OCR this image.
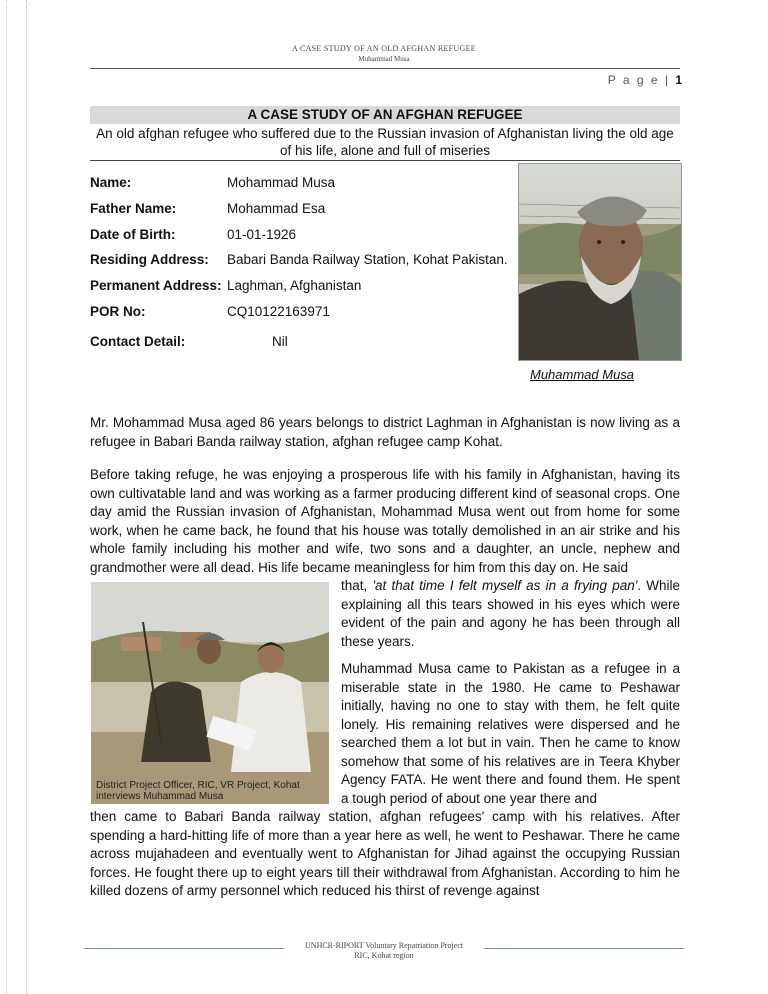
A CASE STUDY OF AN OLD AFGHAN REFUGEE
Muhammad Musa
P a g e | 1
A CASE STUDY OF AN AFGHAN REFUGEE
An old afghan refugee who suffered due to the Russian invasion of Afghanistan living the old age of his life, alone and full of miseries
Name:	Mohammad Musa
Father Name:	Mohammad Esa
Date of Birth:	01-01-1926
Residing Address: Babari Banda Railway Station, Kohat Pakistan.
Permanent Address: Laghman, Afghanistan
POR No:	CQ10122163971
Contact Detail:	Nil
Muhammad Musa
Mr. Mohammad Musa aged 86 years belongs to district Laghman in Afghanistan is now living as a refugee in Babari Banda railway station, afghan refugee camp Kohat.
Before taking refuge, he was enjoying a prosperous life with his family in Afghanistan, having its own cultivatable land and was working as a farmer producing different kind of seasonal crops. One day amid the Russian invasion of Afghanistan, Mohammad Musa went out from home for some work, when he came back, he found that his house was totally demolished in an air strike and his whole family including his mother and wife, two sons and a daughter, an uncle, nephew and grandmother were all dead. His life became meaningless for him from this day on. He said
District Project Officer, RIC, VR Project, Kohat
interviews Muhammad Musa
that, 'at that time I felt myself as in a frying pan'. While explaining all this tears showed in his eyes which were evident of the pain and agony he has been through all these years.
Muhammad Musa came to Pakistan as a refugee in a miserable state in the 1980. He came to Peshawar initially, having no one to stay with them, he felt quite lonely. His remaining relatives were dispersed and he searched them a lot but in vain. Then he came to know somehow that some of his relatives are in Teera Khyber Agency FATA. He went there and found them. He spent a tough period of about one year there and
then came to Babari Banda railway station, afghan refugees' camp with his relatives. After spending a hard-hitting life of more than a year here as well, he went to Peshawar. There he came across mujahadeen and eventually went to Afghanistan for Jihad against the occupying Russian forces. He fought there up to eight years till their withdrawal from Afghanistan. According to him he killed dozens of army personnel which reduced his thirst of revenge against
UNHCR-RIPORT Voluntary Repatriation Project
RIC, Kohat region
